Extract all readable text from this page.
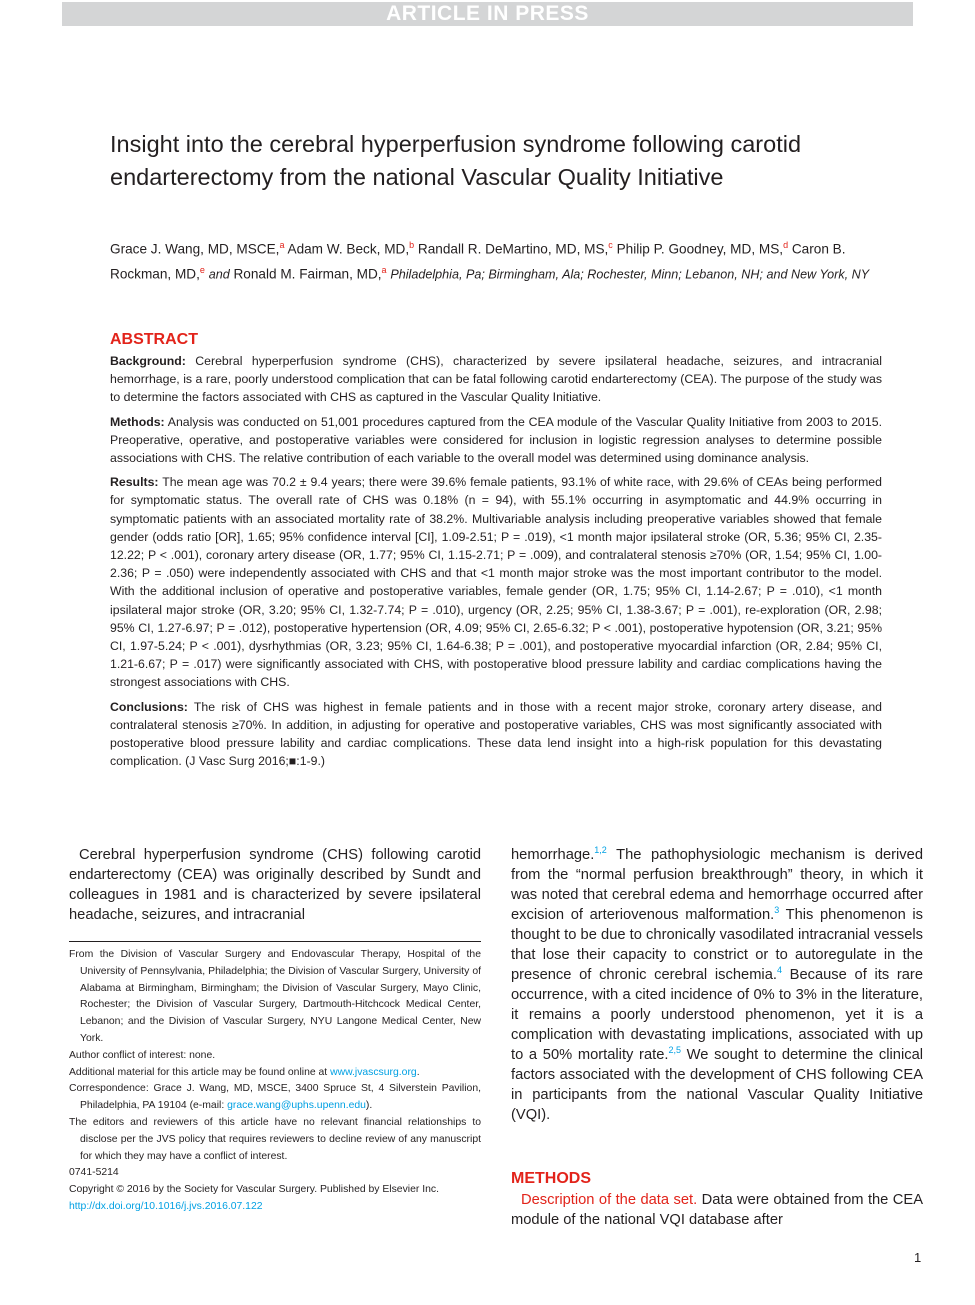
ARTICLE IN PRESS
Insight into the cerebral hyperperfusion syndrome following carotid endarterectomy from the national Vascular Quality Initiative
Grace J. Wang, MD, MSCE,$^a$ Adam W. Beck, MD,$^b$ Randall R. DeMartino, MD, MS,$^c$ Philip P. Goodney, MD, MS,$^d$ Caron B. Rockman, MD,$^e$ and Ronald M. Fairman, MD,$^a$ Philadelphia, Pa; Birmingham, Ala; Rochester, Minn; Lebanon, NH; and New York, NY
ABSTRACT

Background: Cerebral hyperperfusion syndrome (CHS), characterized by severe ipsilateral headache, seizures, and intracranial hemorrhage, is a rare, poorly understood complication that can be fatal following carotid endarterectomy (CEA). The purpose of the study was to determine the factors associated with CHS as captured in the Vascular Quality Initiative.

Methods: Analysis was conducted on 51,001 procedures captured from the CEA module of the Vascular Quality Initiative from 2003 to 2015. Preoperative, operative, and postoperative variables were considered for inclusion in logistic regression analyses to determine possible associations with CHS. The relative contribution of each variable to the overall model was determined using dominance analysis.

Results: The mean age was 70.2 ± 9.4 years; there were 39.6% female patients, 93.1% of white race, with 29.6% of CEAs being performed for symptomatic status. The overall rate of CHS was 0.18% (n = 94), with 55.1% occurring in asymptomatic and 44.9% occurring in symptomatic patients with an associated mortality rate of 38.2%. Multivariable analysis including preoperative variables showed that female gender (odds ratio [OR], 1.65; 95% confidence interval [CI], 1.09-2.51; P = .019), <1 month major ipsilateral stroke (OR, 5.36; 95% CI, 2.35-12.22; P < .001), coronary artery disease (OR, 1.77; 95% CI, 1.15-2.71; P = .009), and contralateral stenosis ≥70% (OR, 1.54; 95% CI, 1.00-2.36; P = .050) were independently associated with CHS and that <1 month major stroke was the most important contributor to the model. With the additional inclusion of operative and postoperative variables, female gender (OR, 1.75; 95% CI, 1.14-2.67; P = .010), <1 month ipsilateral major stroke (OR, 3.20; 95% CI, 1.32-7.74; P = .010), urgency (OR, 2.25; 95% CI, 1.38-3.67; P = .001), re-exploration (OR, 2.98; 95% CI, 1.27-6.97; P = .012), postoperative hypertension (OR, 4.09; 95% CI, 2.65-6.32; P < .001), postoperative hypotension (OR, 3.21; 95% CI, 1.97-5.24; P < .001), dysrhythmias (OR, 3.23; 95% CI, 1.64-6.38; P = .001), and postoperative myocardial infarction (OR, 2.84; 95% CI, 1.21-6.67; P = .017) were significantly associated with CHS, with postoperative blood pressure lability and cardiac complications having the strongest associations with CHS.

Conclusions: The risk of CHS was highest in female patients and in those with a recent major stroke, coronary artery disease, and contralateral stenosis ≥70%. In addition, in adjusting for operative and postoperative variables, CHS was most significantly associated with postoperative blood pressure lability and cardiac complications. These data lend insight into a high-risk population for this devastating complication. (J Vasc Surg 2016;■:1-9.)

Cerebral hyperperfusion syndrome (CHS) following carotid endarterectomy (CEA) was originally described by Sundt and colleagues in 1981 and is characterized by severe ipsilateral headache, seizures, and intracranial

From the Division of Vascular Surgery and Endovascular Therapy, Hospital of the University of Pennsylvania, Philadelphia; the Division of Vascular Surgery, University of Alabama at Birmingham, Birmingham; the Division of Vascular Surgery, Mayo Clinic, Rochester; the Division of Vascular Surgery, Dartmouth-Hitchcock Medical Center, Lebanon; and the Division of Vascular Surgery, NYU Langone Medical Center, New York.

Author conflict of interest: none.

Additional material for this article may be found online at www.jvascsurg.org.

Correspondence: Grace J. Wang, MD, MSCE, 3400 Spruce St, 4 Silverstein Pavilion, Philadelphia, PA 19104 (e-mail: grace.wang@uphs.upenn.edu).

The editors and reviewers of this article have no relevant financial relationships to disclose per the JVS policy that requires reviewers to decline review of any manuscript for which they may have a conflict of interest.

0741-5214

Copyright © 2016 by the Society for Vascular Surgery. Published by Elsevier Inc.

http://dx.doi.org/10.1016/j.jvs.2016.07.122

hemorrhage.$^{1,2}$ The pathophysiologic mechanism is derived from the “normal perfusion breakthrough” theory, in which it was noted that cerebral edema and hemorrhage occurred after excision of arteriovenous malformation.$^3$ This phenomenon is thought to be due to chronically vasodilated intracranial vessels that lose their capacity to constrict or to autoregulate in the presence of chronic cerebral ischemia.$^4$ Because of its rare occurrence, with a cited incidence of 0% to 3% in the literature, it remains a poorly understood phenomenon, yet it is a complication with devastating implications, associated with up to a 50% mortality rate.$^{2,5}$ We sought to determine the clinical factors associated with the development of CHS following CEA in participants from the national Vascular Quality Initiative (VQI).

METHODS

Description of the data set. Data were obtained from the CEA module of the national VQI database after

1
